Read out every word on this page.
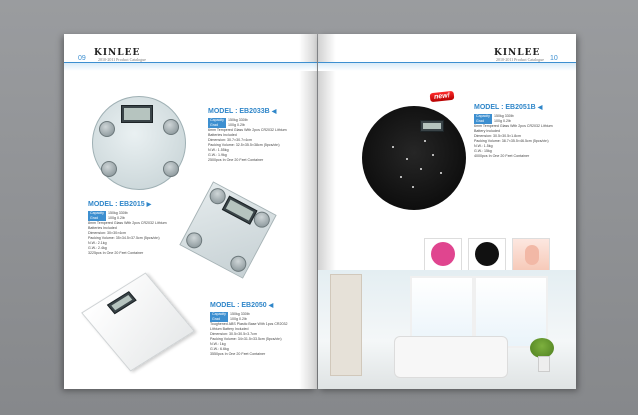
09
KINLEE
2010-2011 Product Catalogue
MODEL : EB2033B ◀
Capacity 150kg 330lb
Grad	100g 0.2lb
6mm Tempered Glass With 2pcs CR2032 Lithium
Batteries Included
Dimension: 30.7×30.7×4cm
Packing Volume: 32.5×35.5×38cm (5pcs/ctn)
N.W.: 1.55kg
G.W.: 1.9kg
2500pcs In One 20 Feet Container
MODEL : EB2015 ▶
Capacity 150kg 330lb
Grad	100g 0.2lb
8mm Tempered Glass With 2pcs CR2032 Lithium
Batteries Included
Dimension: 30×30×4cm
Packing Volume: 35×34.5×37.5cm (5pcs/ctn)
N.W.: 2.1kg
G.W.: 2.4kg
3225pcs In One 20 Feet Container
MODEL : EB2050 ◀
Capacity 150kg 330lb
Grad	100g 0.2lb
Toughened ABS Plastic Base With 1pcs CR2032
Lithium Battery Included
Dimension: 30.5×30.5×3.7cm
Packing Volume: 34×31.5×33.5cm (5pcs/ctn)
N.W.: 1kg
G.W.: 6.6kg
3550pcs In One 20 Feet Container
KINLEE
2010-2011 Product Catalogue 10
new!
MODEL : EB2051B ◀
Capacity 150kg 330lb
Grad	100g 0.2lb
6mm Tempered Glass With 2pcs CR2032 Lithium
Battery Included
Dimension: 30.5×30.5×1.8cm
Packing Volume: 38.7×35.5×46.5cm (5pcs/ctn)
N.W.: 1.5kg
G.W.: 15kg
4000pcs In One 20 Feet Container
